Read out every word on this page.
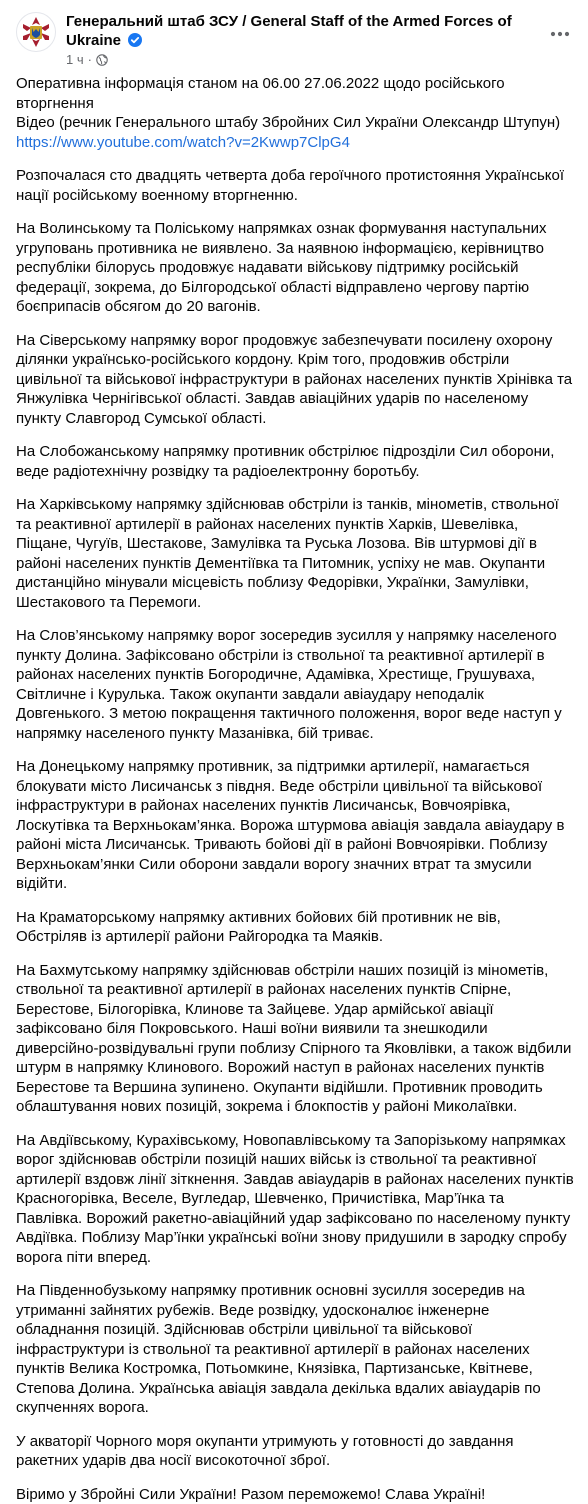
Генеральний штаб ЗСУ / General Staff of the Armed Forces of Ukraine
1 ч ·

Оперативна інформація станом на 06.00 27.06.2022 щодо російського вторгнення
Відео (речник Генерального штабу Збройних Сил України Олександр Штупун)
https://www.youtube.com/watch?v=2Kwwp7ClpG4

Розпочалася сто двадцять четверта доба героїчного протистояння Української нації російському военному вторгненню.

На Волинському та Поліському напрямках ознак формування наступальних угруповань противника не виявлено. За наявною інформацією, керівництво республіки білорусь продовжує надавати військову підтримку російській федерації, зокрема, до Білгородської області відправлено чергову партію боєприпасів обсягом до 20 вагонів.

На Сіверському напрямку ворог продовжує забезпечувати посилену охорону ділянки українсько-російського кордону. Крім того, продовжив обстріли цивільної та військової інфраструктури в районах населених пунктів Хрінівка та Янжулівка Чернігівської області. Завдав авіаційних ударів по населеному пункту Славгород Сумської області.

На Слобожанському напрямку противник обстрілює підрозділи Сил оборони, веде радіотехнічну розвідку та радіоелектронну боротьбу.

На Харківському напрямку здійснював обстріли із танків, мінометів, ствольної та реактивної артилерії в районах населених пунктів Харків, Шевелівка, Піщане, Чугуїв, Шестакове, Замулівка та Руська Лозова. Вів штурмові дії в районі населених пунктів Дементіївка та Питомник, успіху не мав. Окупанти дистанційно мінували місцевість поблизу Федорівки, Українки, Замулівки, Шестакового та Перемоги.

На Слов’янському напрямку ворог зосередив зусилля у напрямку населеного пункту Долина. Зафіксовано обстріли із ствольної та реактивної артилерії в районах населених пунктів Богородичне, Адамівка, Хрестище, Грушуваха, Світличне і Курулька. Також окупанти завдали авіаудару неподалік Довгенького. З метою покращення тактичного положення, ворог веде наступ у напрямку населеного пункту Мазанівка, бій триває.

На Донецькому напрямку противник, за підтримки артилерії, намагається блокувати місто Лисичанськ з півдня. Веде обстріли цивільної та військової інфраструктури в районах населених пунктів Лисичанськ, Вовчоярівка, Лоскутівка та Верхньокам’янка. Ворожа штурмова авіація завдала авіаудару в районі міста Лисичанськ. Тривають бойові дії в районі Вовчоярівки. Поблизу Верхньокам’янки Сили оборони завдали ворогу значних втрат та змусили відійти.

На Краматорському напрямку активних бойових бій противник не вів, Обстріляв із артилерії райони Райгородка та Маяків.

На Бахмутському напрямку здійснював обстріли наших позицій із мінометів, ствольної та реактивної артилерії в районах населених пунктів Спірне, Берестове, Білогорівка, Клинове та Зайцеве. Удар армійської авіації зафіксовано біля Покровського. Наші воїни виявили та знешкодили диверсійно-розвідувальні групи поблизу Спірного та Яковлівки, а також відбили штурм в напрямку Клинового. Ворожий наступ в районах населених пунктів Берестове та Вершина зупинено. Окупанти відійшли. Противник проводить облаштування нових позицій, зокрема і блокпостів у районі Миколаївки.

На Авдіївському, Курахівському, Новопавлівському та Запорізькому напрямках ворог здійснював обстріли позицій наших військ із ствольної та реактивної артилерії вздовж лінії зіткнення. Завдав авіаударів в районах населених пунктів Красногорівка, Веселе, Вугледар, Шевченко, Причистівка, Мар’їнка та Павлівка. Ворожий ракетно-авіаційний удар зафіксовано по населеному пункту Авдіївка. Поблизу Мар’їнки українські воїни знову придушили в зародку спробу ворога піти вперед.

На Південнобузькому напрямку противник основні зусилля зосередив на утриманні зайнятих рубежів. Веде розвідку, удосконалює інженерне обладнання позицій. Здійснював обстріли цивільної та військової інфраструктури із ствольної та реактивної артилерії в районах населених пунктів Велика Костромка, Потьомкине, Князівка, Партизанське, Квітневе, Степова Долина. Українська авіація завдала декілька вдалих авіаударів по скупченнях ворога.

У акваторії Чорного моря окупанти утримують у готовності до завдання ракетних ударів два носії високоточної зброї.

Віримо у Збройні Сили України! Разом переможемо! Слава Україні!
